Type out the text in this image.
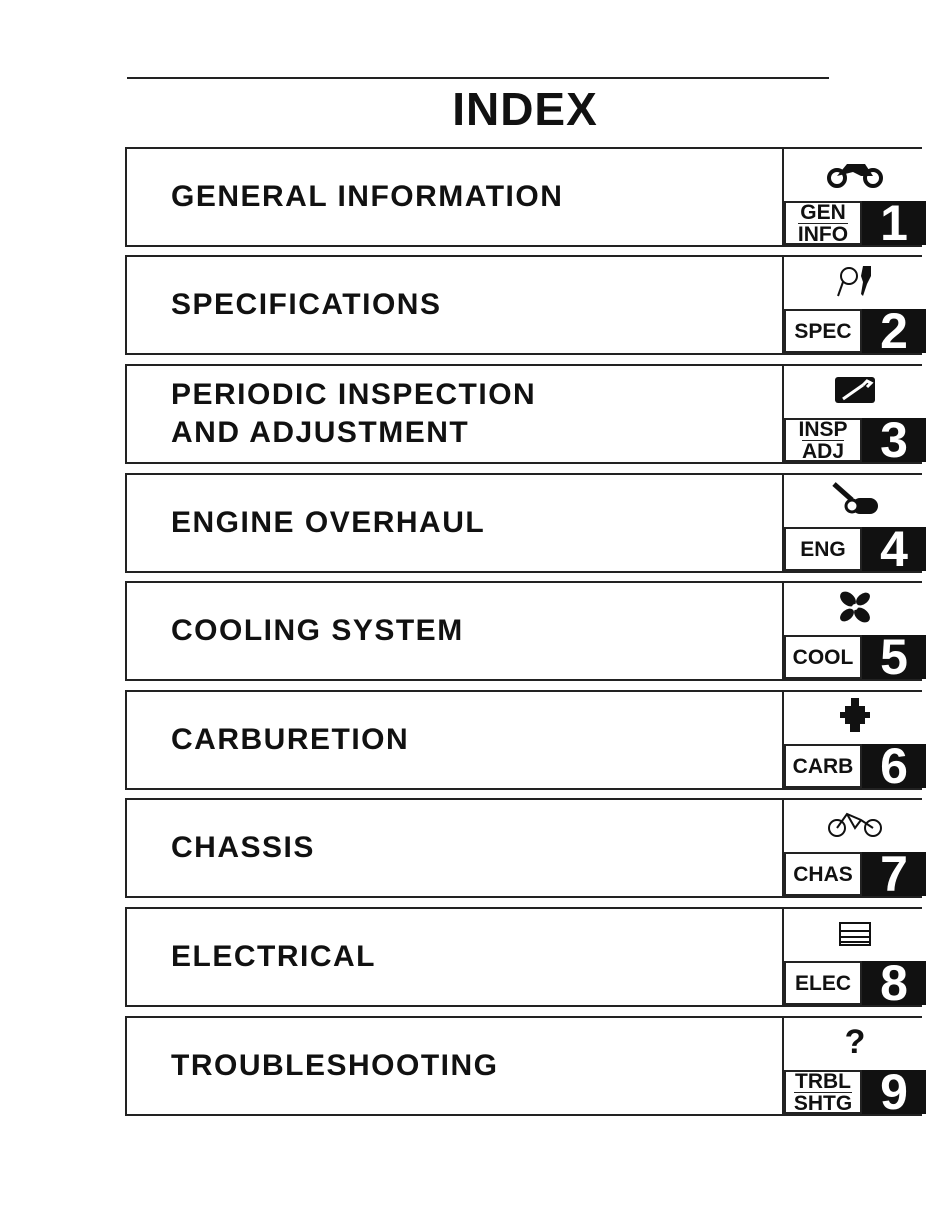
INDEX
GENERAL INFORMATION	GEN
INFO 1
SPECIFICATIONS
SPEC 2
PERIODIC INSPECTION
AND ADJUSTMENT	INSP
ADJ 3
ENGINE OVERHAUL
ENG 4
COOLING SYSTEM
COOL 5
CARBURETION
CARB 6
CHASSIS
CHAS 7
ELECTRICAL
ELEC 8
TROUBLESHOOTING
?
TRBL
SHTG 9
